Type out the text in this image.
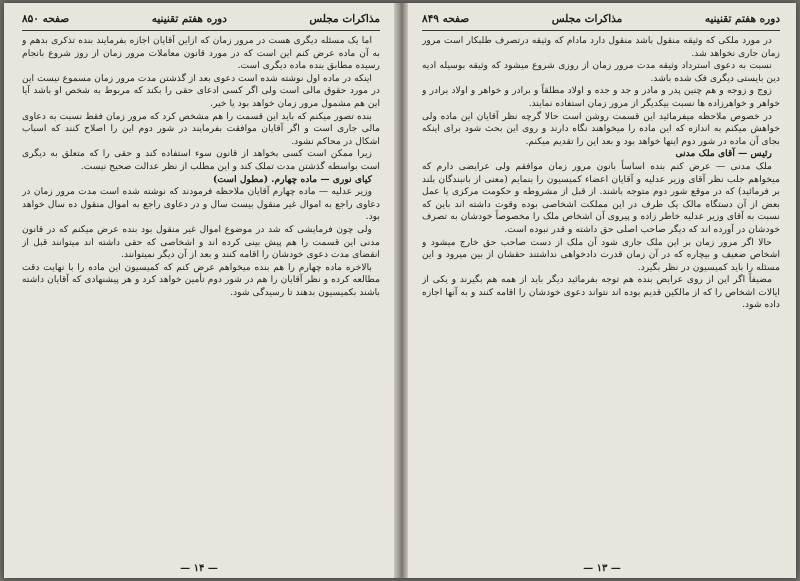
مذاکرات مجلس
دوره هفتم تقنینیه
صفحه ۸۵۰

اما یک مسئله دیگری هست در مرور زمان که ازاین آقایان اجازه بفرمایند بنده تذکری بدهم و به آن ماده عرض کنم این است که در مورد قانون معاملات مرور زمان از روز شروع بانجام رسیده مطابق بنده ماده دیگری است.

اینکه در ماده اول نوشته شده است دعوی بعد از گذشتن مدت مرور زمان مسموع نیست این در مورد حقوق مالی است ولی اگر کسی ادعای حقی را بکند که مربوط به شخص او باشد آیا این هم مشمول مرور زمان خواهد بود یا خیر.

بنده تصور میکنم که باید این قسمت را هم مشخص کرد که مرور زمان فقط نسبت به دعاوی مالی جاری است و اگر آقایان موافقت بفرمایند در شور دوم این را اصلاح کنند که اسباب اشکال در محاکم نشود.

زیرا ممکن است کسی بخواهد از قانون سوء استفاده کند و حقی را که متعلق به دیگری است بواسطه گذشتن مدت تملک کند و این مطلب از نظر عدالت صحیح نیست.

کیای نوری — ماده چهارم. (مطول است)

وزیر عدلیه — ماده چهارم آقایان ملاحظه فرمودند که نوشته شده است مدت مرور زمان در دعاوی راجع به اموال غیر منقول بیست سال و در دعاوی راجع به اموال منقول ده سال خواهد بود.

ولی چون فرمایشی که شد در موضوع اموال غیر منقول بود بنده عرض میکنم که در قانون مدنی این قسمت را هم پیش بینی کرده اند و اشخاصی که حقی داشته اند میتوانند قبل از انقضای مدت دعوی خودشان را اقامه کنند و بعد از آن دیگر نمیتوانند.

بالاخره ماده چهارم را هم بنده میخواهم عرض کنم که کمیسیون این ماده را با نهایت دقت مطالعه کرده و نظر آقایان را هم در شور دوم تأمین خواهد کرد و هر پیشنهادی که آقایان داشته باشند بکمیسیون بدهند تا رسیدگی شود.

— ۱۴ —
دوره هفتم تقنینیه
مذاکرات مجلس
صفحه ۸۴۹

در مورد ملکی که وثیقه منقول باشد منقول دارد مادام که وثیقه درتصرف طلبکار است مرور زمان جاری نخواهد شد.

نسبت به دعوی استرداد وثیقه مدت مرور زمان از روزی شروع میشود که وثیقه بوسیله ادیه دین بایستی دیگری فک شده باشد.

زوج و زوجه و هم چنین پدر و مادر و جد و جده و اولاد مطلقاً و برادر و خواهر و اولاد برادر و خواهر و خواهرزاده ها نسبت بیکدیگر از مرور زمان استفاده نمایند.

در خصوص ملاحظه میفرمائید این قسمت روشن است حالا گرچه نظر آقایان این ماده ولی خواهش میکنم به اندازه که این ماده را میخواهند نگاه دارند و روی این بحث شود برای اینکه بجای آن ماده در شور دوم اینها خواهد بود و بعد این را تقدیم میکنم.

رئیس — آقای ملک مدنی

ملک مدنی — عرض کنم بنده اساساً بانون مرور زمان موافقم ولی عرایضی دارم که میخواهم جلب نظر آقای وزیر عدلیه و آقایان اعضاء کمیسیون را بنمایم (معنی از بانبندگان بلند بر فرمائید) که در موقع شور دوم متوجه باشند. از قبل از مشروطه و حکومت مرکزی یا عمل بعض از آن دستگاه مالک یک طرف در این مملکت اشخاصی بوده وقوت داشته اند باین که نسبت به آقای وزیر عدلیه خاطر زاده و پیروی آن اشخاص ملک را مخصوصاً خودشان به تصرف خودشان در آورده اند که دیگر صاحب اصلی حق داشته و قدر نبوده است.

حالا اگر مرور زمان بر این ملک جاری شود آن ملک از دست صاحب حق خارج میشود و اشخاص ضعیف و بیچاره که در آن زمان قدرت دادخواهی نداشتند حقشان از بین میرود و این مسئله را باید کمیسیون در نظر بگیرد.

مضیفاً اگر این از روی عرایض بنده هم توجه بفرمائید دیگر باید از همه هم بگیرند و یکی از ایالات اشخاص را که از مالکین قدیم بوده اند نتواند دعوی خودشان را اقامه کنند و به آنها اجازه داده شود.

— ۱۳ —
